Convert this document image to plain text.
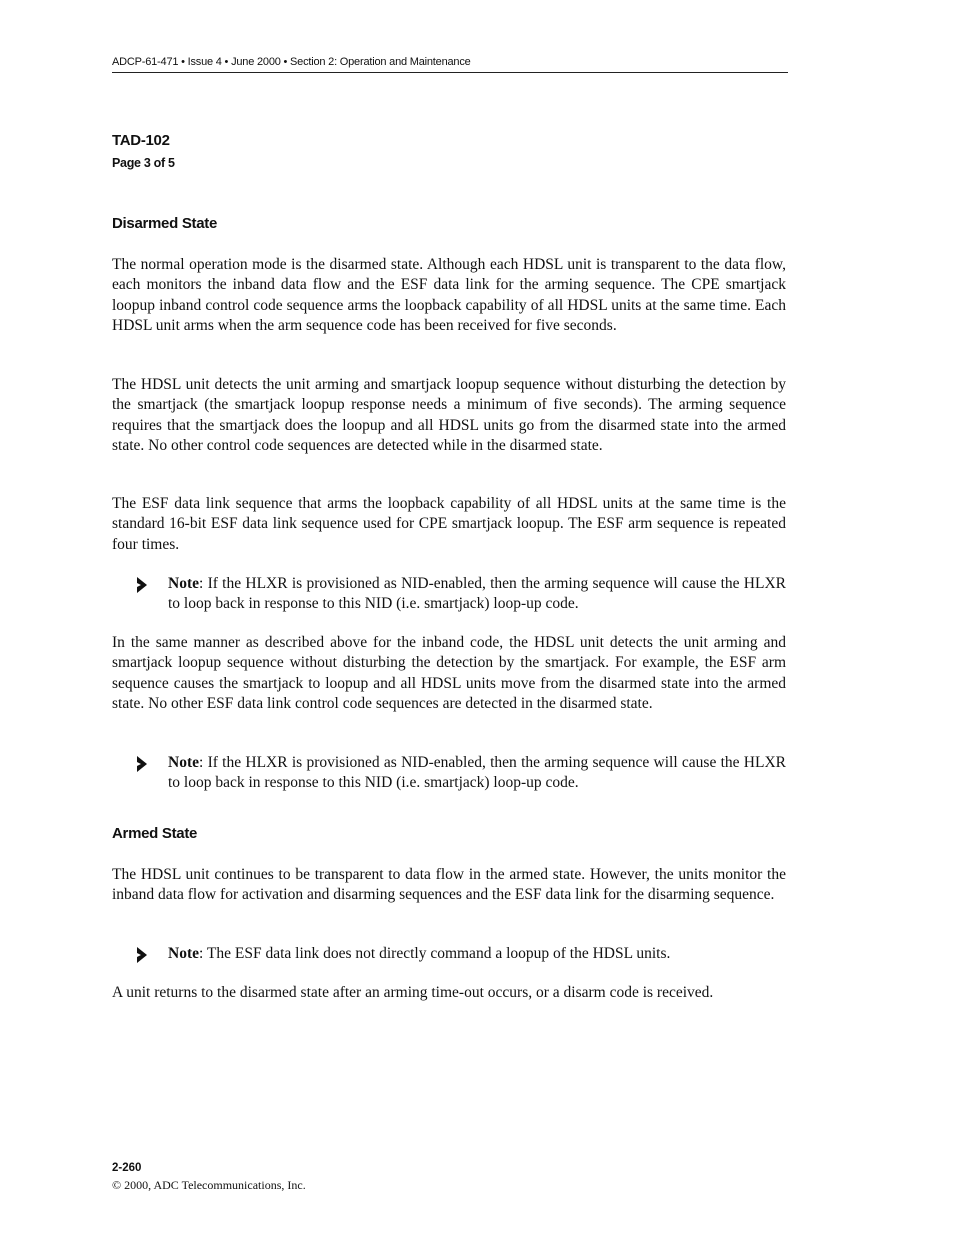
ADCP-61-471 • Issue 4 • June 2000 • Section 2: Operation and Maintenance
TAD-102
Page 3 of 5
Disarmed State

The normal operation mode is the disarmed state. Although each HDSL unit is transparent to the data flow, each monitors the inband data flow and the ESF data link for the arming sequence. The CPE smartjack loopup inband control code sequence arms the loopback capability of all HDSL units at the same time. Each HDSL unit arms when the arm sequence code has been received for five seconds.

The HDSL unit detects the unit arming and smartjack loopup sequence without disturbing the detection by the smartjack (the smartjack loopup response needs a minimum of five seconds). The arming sequence requires that the smartjack does the loopup and all HDSL units go from the disarmed state into the armed state. No other control code sequences are detected while in the disarmed state.

The ESF data link sequence that arms the loopback capability of all HDSL units at the same time is the standard 16-bit ESF data link sequence used for CPE smartjack loopup. The ESF arm sequence is repeated four times.

Note: If the HLXR is provisioned as NID-enabled, then the arming sequence will cause the HLXR to loop back in response to this NID (i.e. smartjack) loop-up code.

In the same manner as described above for the inband code, the HDSL unit detects the unit arming and smartjack loopup sequence without disturbing the detection by the smartjack. For example, the ESF arm sequence causes the smartjack to loopup and all HDSL units move from the disarmed state into the armed state. No other ESF data link control code sequences are detected in the disarmed state.

Note: If the HLXR is provisioned as NID-enabled, then the arming sequence will cause the HLXR to loop back in response to this NID (i.e. smartjack) loop-up code.
Armed State

The HDSL unit continues to be transparent to data flow in the armed state. However, the units monitor the inband data flow for activation and disarming sequences and the ESF data link for the disarming sequence.

Note: The ESF data link does not directly command a loopup of the HDSL units.

A unit returns to the disarmed state after an arming time-out occurs, or a disarm code is received.

2-260
© 2000, ADC Telecommunications, Inc.
